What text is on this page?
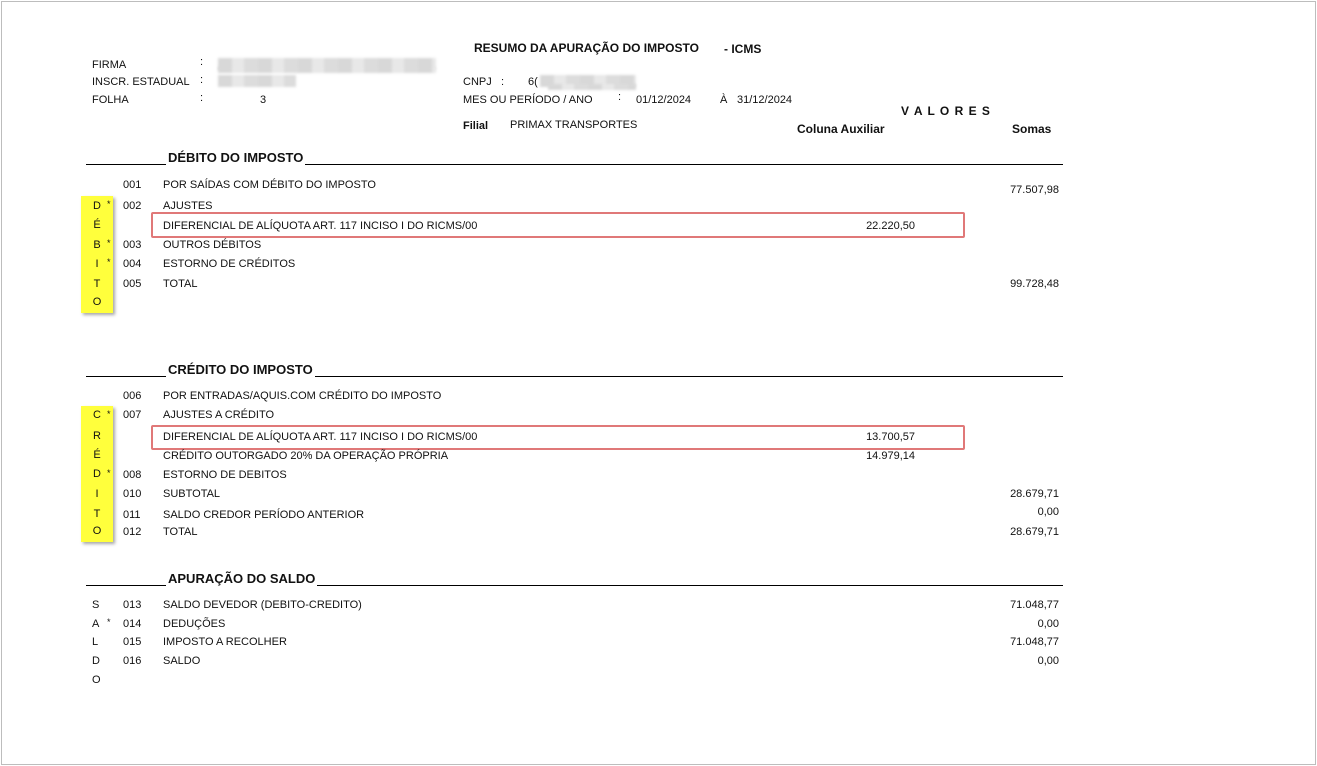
RESUMO DA APURAÇÃO DO IMPOSTO - ICMS
FIRMA	:
INSCR. ESTADUAL :
FOLHA	:	3
CNPJ : 6(
MES OU PERÍODO / ANO : 01/12/2024	À 31/12/2024
V A L O R E S
Filial PRIMAX TRANSPORTES	Coluna Auxiliar	Somas
DÉBITO DO IMPOSTO
D
É
B
I
T
O
*
*
*
001 POR SAÍDAS COM DÉBITO DO IMPOSTO	77.507,98
002 AJUSTES
DIFERENCIAL DE ALÍQUOTA ART. 117 INCISO I DO RICMS/00	22.220,50
003 OUTROS DÉBITOS
004 ESTORNO DE CRÉDITOS
005 TOTAL	99.728,48
CRÉDITO DO IMPOSTO
C
R
É
D
I
T
O
*
*
006 POR ENTRADAS/AQUIS.COM CRÉDITO DO IMPOSTO
007 AJUSTES A CRÉDITO
DIFERENCIAL DE ALÍQUOTA ART. 117 INCISO I DO RICMS/00	13.700,57
CRÉDITO OUTORGADO 20% DA OPERAÇÃO PRÓPRIA	14.979,14
008 ESTORNO DE DEBITOS
010 SUBTOTAL	28.679,71
011 SALDO CREDOR PERÍODO ANTERIOR	0,00
012 TOTAL	28.679,71
APURAÇÃO DO SALDO
S
A *
L
D
O
013 SALDO DEVEDOR (DEBITO-CREDITO)	71.048,77
014 DEDUÇÕES	0,00
015 IMPOSTO A RECOLHER	71.048,77
016 SALDO	0,00
